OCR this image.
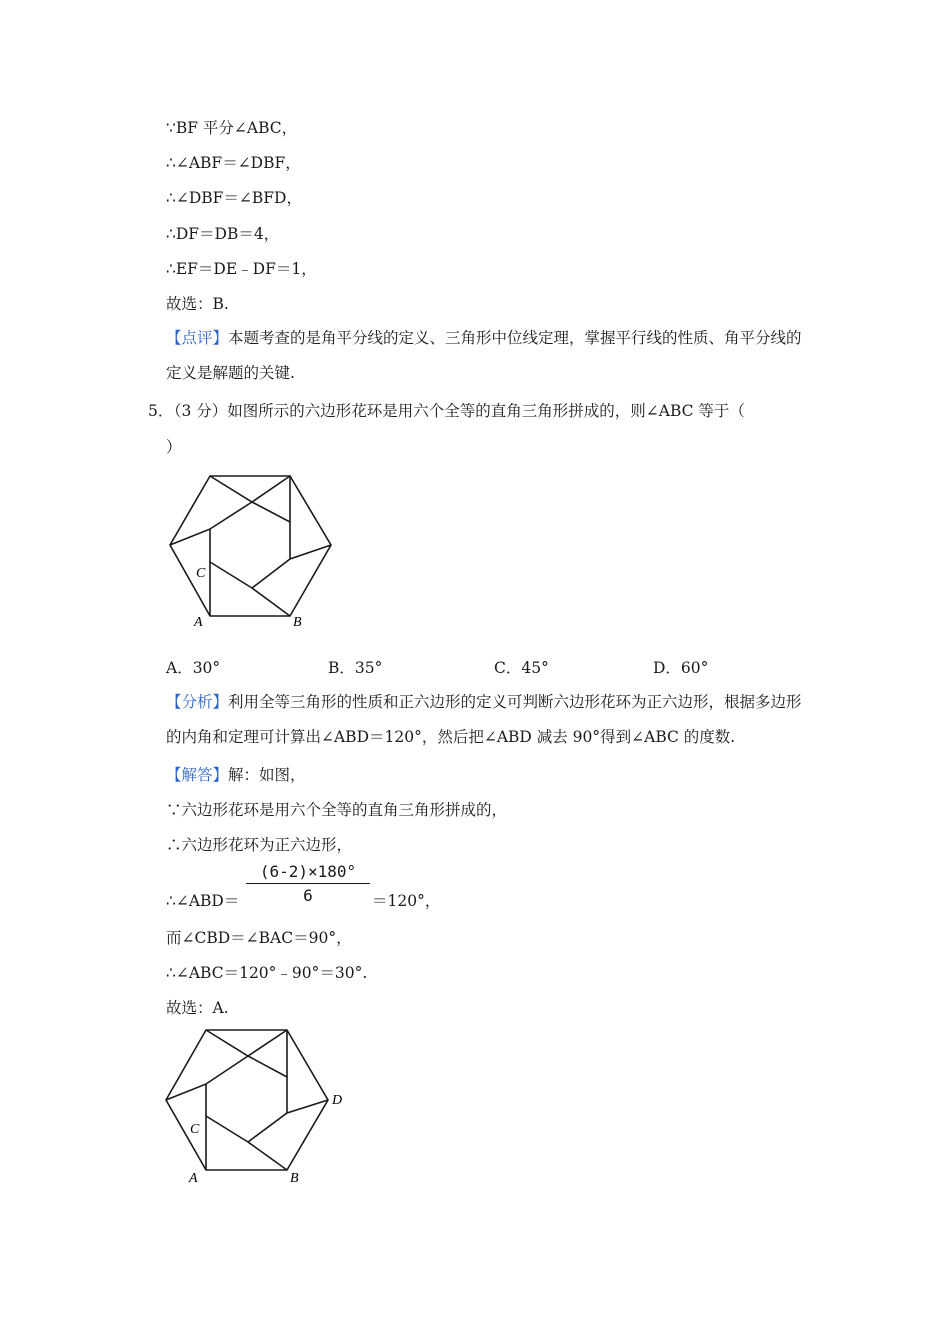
∵BF 平分∠ABC，
∴∠ABF＝∠DBF，
∴∠DBF＝∠BFD，
∴DF＝DB＝4，
∴EF＝DE﹣DF＝1，
故选：B.
【点评】本题考查的是角平分线的定义、三角形中位线定理，掌握平行线的性质、角平分线的定义是解题的关键.
5．
（3 分）如图所示的六边形花环是用六个全等的直角三角形拼成的，则∠ABC 等于（
）
C
A	B
A．30°	B．35°	C．45°	D．60°
【分析】利用全等三角形的性质和正六边形的定义可判断六边形花环为正六边形，根据多边形的内角和定理可计算出∠ABD＝120°，然后把∠ABD 减去 90°得到∠ABC 的度数.
【解答】解：如图，
∵六边形花环是用六个全等的直角三角形拼成的，
∴六边形花环为正六边形，
∴∠ABD＝ $\frac{(6-2)\times 180^\circ}{6} =120^\circ$，
而∠CBD＝∠BAC＝90°，
∴∠ABC＝120°﹣90°＝30°.
故选：A.
C
A	B
D
